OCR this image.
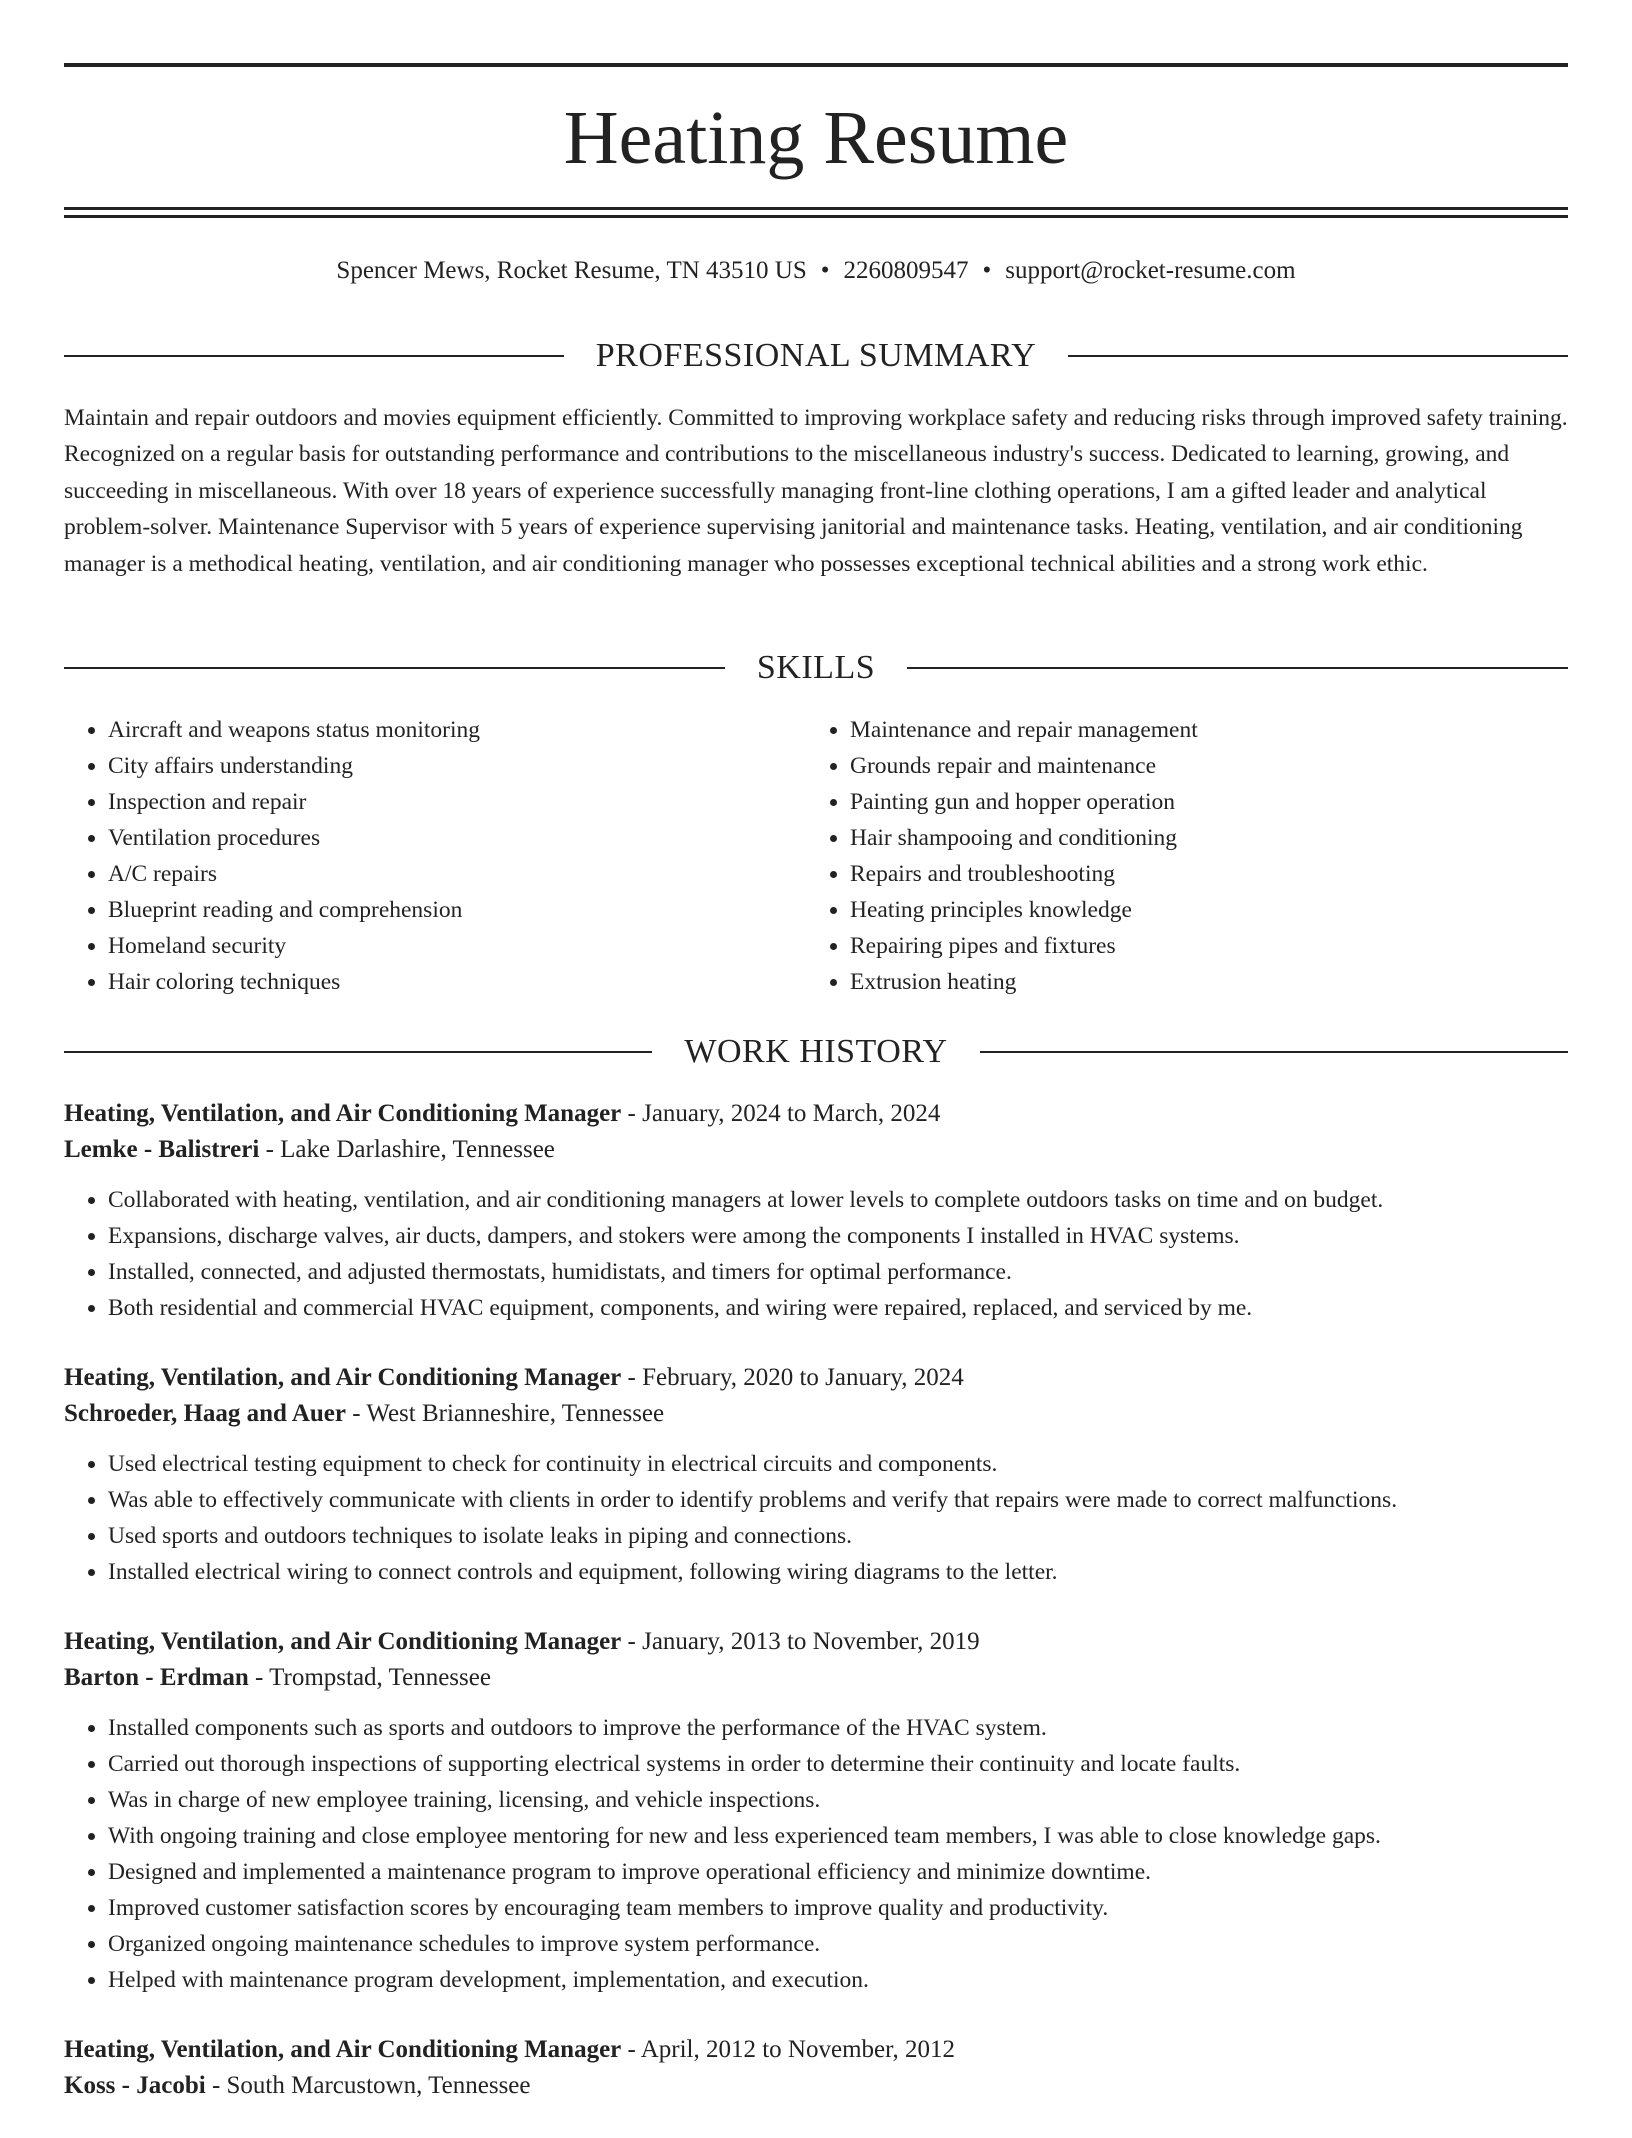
Heating Resume
Spencer Mews, Rocket Resume, TN 43510 US • 2260809547 • support@rocket-resume.com
PROFESSIONAL SUMMARY

Maintain and repair outdoors and movies equipment efficiently. Committed to improving workplace safety and reducing risks through improved safety training. Recognized on a regular basis for outstanding performance and contributions to the miscellaneous industry's success. Dedicated to learning, growing, and succeeding in miscellaneous. With over 18 years of experience successfully managing front-line clothing operations, I am a gifted leader and analytical problem-solver. Maintenance Supervisor with 5 years of experience supervising janitorial and maintenance tasks. Heating, ventilation, and air conditioning manager is a methodical heating, ventilation, and air conditioning manager who possesses exceptional technical abilities and a strong work ethic.

SKILLS
• Aircraft and weapons status monitoring
• City affairs understanding
• Inspection and repair
• Ventilation procedures
• A/C repairs
• Blueprint reading and comprehension
• Homeland security
• Hair coloring techniques
• Maintenance and repair management
• Grounds repair and maintenance
• Painting gun and hopper operation
• Hair shampooing and conditioning
• Repairs and troubleshooting
• Heating principles knowledge
• Repairing pipes and fixtures
• Extrusion heating
WORK HISTORY

Heating, Ventilation, and Air Conditioning Manager - January, 2024 to March, 2024

Lemke - Balistreri - Lake Darlashire, Tennessee

• Collaborated with heating, ventilation, and air conditioning managers at lower levels to complete outdoors tasks on time and on budget.
• Expansions, discharge valves, air ducts, dampers, and stokers were among the components I installed in HVAC systems.
• Installed, connected, and adjusted thermostats, humidistats, and timers for optimal performance.
• Both residential and commercial HVAC equipment, components, and wiring were repaired, replaced, and serviced by me.

Heating, Ventilation, and Air Conditioning Manager - February, 2020 to January, 2024

Schroeder, Haag and Auer - West Brianneshire, Tennessee

• Used electrical testing equipment to check for continuity in electrical circuits and components.
• Was able to effectively communicate with clients in order to identify problems and verify that repairs were made to correct malfunctions.
• Used sports and outdoors techniques to isolate leaks in piping and connections.
• Installed electrical wiring to connect controls and equipment, following wiring diagrams to the letter.

Heating, Ventilation, and Air Conditioning Manager - January, 2013 to November, 2019

Barton - Erdman - Trompstad, Tennessee

• Installed components such as sports and outdoors to improve the performance of the HVAC system.
• Carried out thorough inspections of supporting electrical systems in order to determine their continuity and locate faults.
• Was in charge of new employee training, licensing, and vehicle inspections.
• With ongoing training and close employee mentoring for new and less experienced team members, I was able to close knowledge gaps.
• Designed and implemented a maintenance program to improve operational efficiency and minimize downtime.
• Improved customer satisfaction scores by encouraging team members to improve quality and productivity.
• Organized ongoing maintenance schedules to improve system performance.
• Helped with maintenance program development, implementation, and execution.

Heating, Ventilation, and Air Conditioning Manager - April, 2012 to November, 2012

Koss - Jacobi - South Marcustown, Tennessee
